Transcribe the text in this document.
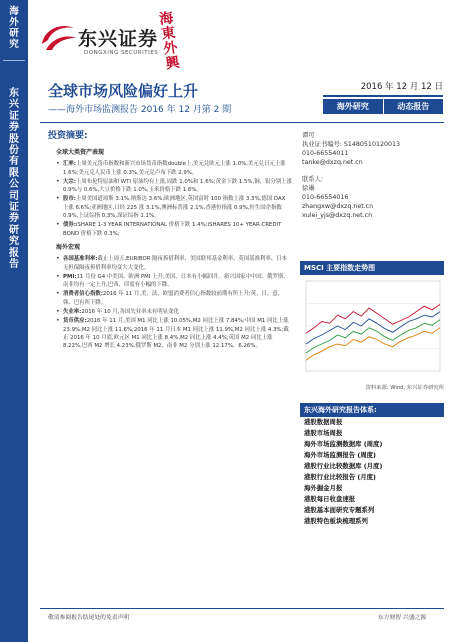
海
外
研
究
东
兴
证
券
股
份
有
限
公
司
证
券
研
究
报
告
东兴证券
DONGXING SECURITIES
海
東
外
興
全球市场风险偏好上升
——海外市场监测报告 2016 年 12 月第 2 期
2016 年 12 月 12 日
海外研究	动态报告
投资摘要:
全球大类资产表现
• 汇率:上周美元货币指数和新兴市场货币指数double上,美元兑欧元上涨 1.0%,美元兑日元上涨 1.6%;美元兑人民币上涨 0.3%,美元兑卢布下跌 2.9%。
• 大宗:上周布伦特原油和 WTI 原油均有上涨,周跌 1.0%和 1.6%;黄金下跌 1.5%,铜、铝分别上涨 0.9%与 0.6%,大豆价格下跌 1.0%,玉米价格下跌 1.6%。
• 股市:上周美国道琼斯 3.1%,纳斯达 3.6%;欧洲地区,英国富时 100 指数上涨 3.3%,德国 DAX 上涨 6.6%;亚洲地区,日经 225 涨 3.1%,澳洲标普涨 2.1%,香港恒指涨 0.9%,恒生国企指数 0.9%,上证综指 0.3%,深证综指 1.1%。
• 债券:iSHARE 1-3 YEAR INTERNATIONAL 价格下跌 1.4%;iSHARES 10+ YEAR CREDIT BOND 价格下跌 0.3%;
海外宏观
• 各国基准利率:截止上周五,EURIBOR 隔夜拆借利率、美国联邦基金利率、英国基准利率、日本无担保隔夜拆借利率均变大大变化。
• PMI:11 月份 G4 中美国、欧洲 PMI 上升,美国、日本有小幅回升。新兴国家中中国、俄罗斯、南非均有一定上升,巴西、印度有小幅的下降。
• 消费者信心指数:2016 年 11 月,美、法、欧盟消费者信心指数较前期有所上升;英、日、意、韩、巴有所下降。
• 失业率:2016 年 10 月,各国失业率未有明显变化
• 货币供应:2016 年 11 月,美国 M1 同比上涨 10.05%,M2 同比上涨 7.84%;中国 M1 同比上涨 23.9%,M2 同比上涨 11.6%;2016 年 11 月日本 M1 同比上涨 11.9%,M2 同比上涨 4.3%;截止 2016 年 10 月底,欧元区 M1 同比上涨 8.4%,M2 同比上涨 4.4%;英国 M2 同比上涨 8.22%,巴西 M2 增长 4.23%,俄罗斯 M2、南非 M2 分别上涨 12.17%、6.26%。
谭可
执业证书编号: S1480510120013
010-66554011
tanke@dxzq.net.cn
联系人:
徐琳
010-66554016
zhangxw@dxzq.net.cn
xulei_yjs@dxzq.net.cn
MSCI 主要指数走势图
资料来源: Wind, 东兴证券研究所
东兴海外研究报告体系:
港股数据周报
港股市场周报
海外市场监测数据库 (周度)
海外市场监测报告 (周度)
港股行业比较数据库 (月度)
港股行业比较报告 (月度)
海外掘金月报
港股每日收盘速报
港股基本面研究专题系列
港股特色板块梳理系列
敬请参阅报告结尾处的免责声明	东方财智 兴盛之源
